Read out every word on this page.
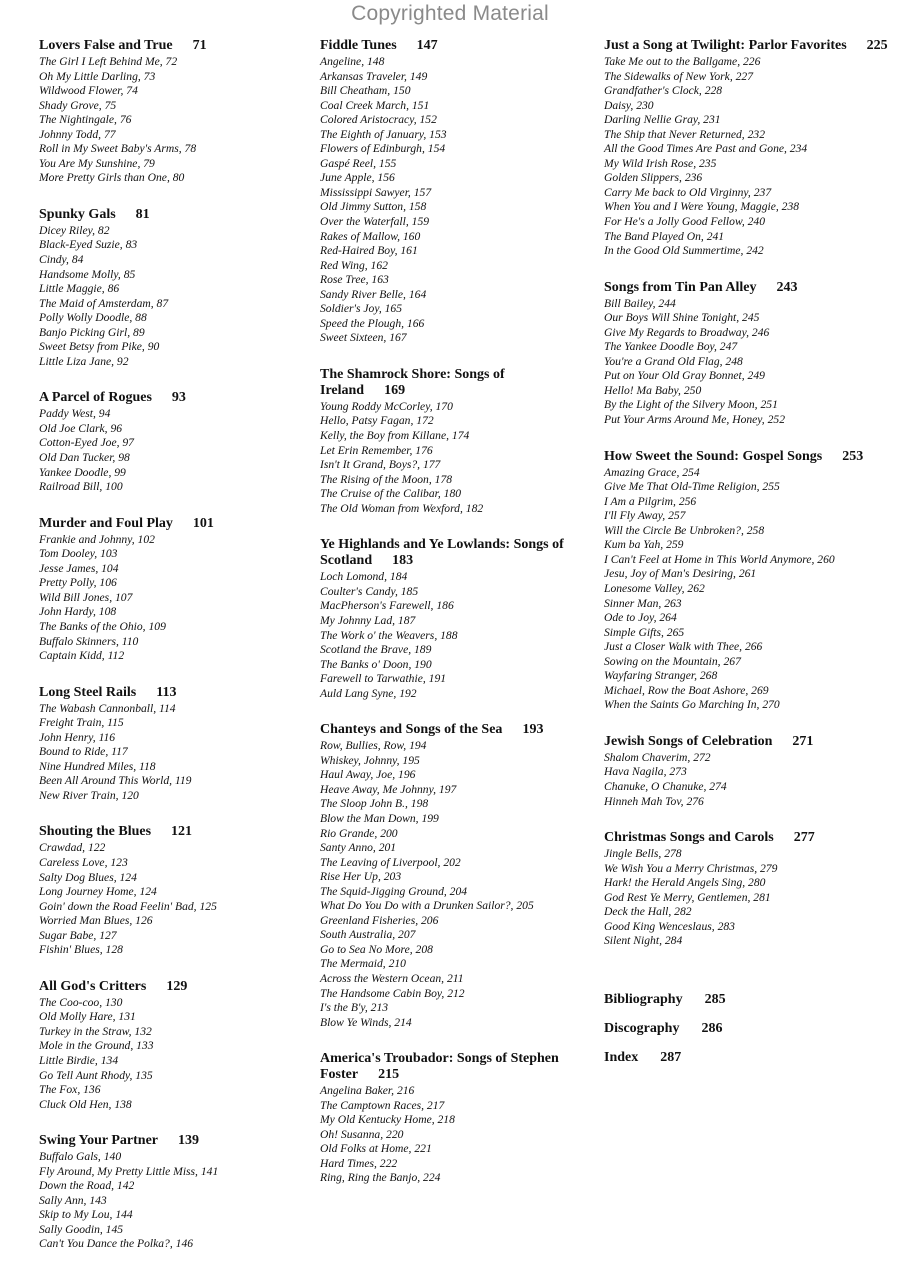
Copyrighted Material
Lovers False and True 71
The Girl I Left Behind Me, 72
Oh My Little Darling, 73
Wildwood Flower, 74
Shady Grove, 75
The Nightingale, 76
Johnny Todd, 77
Roll in My Sweet Baby's Arms, 78
You Are My Sunshine, 79
More Pretty Girls than One, 80
Spunky Gals 81
Dicey Riley, 82
Black-Eyed Suzie, 83
Cindy, 84
Handsome Molly, 85
Little Maggie, 86
The Maid of Amsterdam, 87
Polly Wolly Doodle, 88
Banjo Picking Girl, 89
Sweet Betsy from Pike, 90
Little Liza Jane, 92
A Parcel of Rogues 93
Paddy West, 94
Old Joe Clark, 96
Cotton-Eyed Joe, 97
Old Dan Tucker, 98
Yankee Doodle, 99
Railroad Bill, 100
Murder and Foul Play 101
Frankie and Johnny, 102
Tom Dooley, 103
Jesse James, 104
Pretty Polly, 106
Wild Bill Jones, 107
John Hardy, 108
The Banks of the Ohio, 109
Buffalo Skinners, 110
Captain Kidd, 112
Long Steel Rails 113
The Wabash Cannonball, 114
Freight Train, 115
John Henry, 116
Bound to Ride, 117
Nine Hundred Miles, 118
Been All Around This World, 119
New River Train, 120
Shouting the Blues 121
Crawdad, 122
Careless Love, 123
Salty Dog Blues, 124
Long Journey Home, 124
Goin' down the Road Feelin' Bad, 125
Worried Man Blues, 126
Sugar Babe, 127
Fishin' Blues, 128
All God's Critters 129
The Coo-coo, 130
Old Molly Hare, 131
Turkey in the Straw, 132
Mole in the Ground, 133
Little Birdie, 134
Go Tell Aunt Rhody, 135
The Fox, 136
Cluck Old Hen, 138
Swing Your Partner 139
Buffalo Gals, 140
Fly Around, My Pretty Little Miss, 141
Down the Road, 142
Sally Ann, 143
Skip to My Lou, 144
Sally Goodin, 145
Can't You Dance the Polka?, 146
Fiddle Tunes 147
Angeline, 148
Arkansas Traveler, 149
Bill Cheatham, 150
Coal Creek March, 151
Colored Aristocracy, 152
The Eighth of January, 153
Flowers of Edinburgh, 154
Gaspé Reel, 155
June Apple, 156
Mississippi Sawyer, 157
Old Jimmy Sutton, 158
Over the Waterfall, 159
Rakes of Mallow, 160
Red-Haired Boy, 161
Red Wing, 162
Rose Tree, 163
Sandy River Belle, 164
Soldier's Joy, 165
Speed the Plough, 166
Sweet Sixteen, 167
The Shamrock Shore: Songs of Ireland 169
Young Roddy McCorley, 170
Hello, Patsy Fagan, 172
Kelly, the Boy from Killane, 174
Let Erin Remember, 176
Isn't It Grand, Boys?, 177
The Rising of the Moon, 178
The Cruise of the Calibar, 180
The Old Woman from Wexford, 182
Ye Highlands and Ye Lowlands: Songs of Scotland 183
Loch Lomond, 184
Coulter's Candy, 185
MacPherson's Farewell, 186
My Johnny Lad, 187
The Work o' the Weavers, 188
Scotland the Brave, 189
The Banks o' Doon, 190
Farewell to Tarwathie, 191
Auld Lang Syne, 192
Chanteys and Songs of the Sea 193
Row, Bullies, Row, 194
Whiskey, Johnny, 195
Haul Away, Joe, 196
Heave Away, Me Johnny, 197
The Sloop John B., 198
Blow the Man Down, 199
Rio Grande, 200
Santy Anno, 201
The Leaving of Liverpool, 202
Rise Her Up, 203
The Squid-Jigging Ground, 204
What Do You Do with a Drunken Sailor?, 205
Greenland Fisheries, 206
South Australia, 207
Go to Sea No More, 208
The Mermaid, 210
Across the Western Ocean, 211
The Handsome Cabin Boy, 212
I's the B'y, 213
Blow Ye Winds, 214
America's Troubador: Songs of Stephen Foster 215
Angelina Baker, 216
The Camptown Races, 217
My Old Kentucky Home, 218
Oh! Susanna, 220
Old Folks at Home, 221
Hard Times, 222
Ring, Ring the Banjo, 224
Just a Song at Twilight: Parlor Favorites 225
Take Me out to the Ballgame, 226
The Sidewalks of New York, 227
Grandfather's Clock, 228
Daisy, 230
Darling Nellie Gray, 231
The Ship that Never Returned, 232
All the Good Times Are Past and Gone, 234
My Wild Irish Rose, 235
Golden Slippers, 236
Carry Me back to Old Virginny, 237
When You and I Were Young, Maggie, 238
For He's a Jolly Good Fellow, 240
The Band Played On, 241
In the Good Old Summertime, 242
Songs from Tin Pan Alley 243
Bill Bailey, 244
Our Boys Will Shine Tonight, 245
Give My Regards to Broadway, 246
The Yankee Doodle Boy, 247
You're a Grand Old Flag, 248
Put on Your Old Gray Bonnet, 249
Hello! Ma Baby, 250
By the Light of the Silvery Moon, 251
Put Your Arms Around Me, Honey, 252
How Sweet the Sound: Gospel Songs 253
Amazing Grace, 254
Give Me That Old-Time Religion, 255
I Am a Pilgrim, 256
I'll Fly Away, 257
Will the Circle Be Unbroken?, 258
Kum ba Yah, 259
I Can't Feel at Home in This World Anymore, 260
Jesu, Joy of Man's Desiring, 261
Lonesome Valley, 262
Sinner Man, 263
Ode to Joy, 264
Simple Gifts, 265
Just a Closer Walk with Thee, 266
Sowing on the Mountain, 267
Wayfaring Stranger, 268
Michael, Row the Boat Ashore, 269
When the Saints Go Marching In, 270
Jewish Songs of Celebration 271
Shalom Chaverim, 272
Hava Nagila, 273
Chanuke, O Chanuke, 274
Hinneh Mah Tov, 276
Christmas Songs and Carols 277
Jingle Bells, 278
We Wish You a Merry Christmas, 279
Hark! the Herald Angels Sing, 280
God Rest Ye Merry, Gentlemen, 281
Deck the Hall, 282
Good King Wenceslaus, 283
Silent Night, 284
Bibliography 285
Discography 286
Index 287
